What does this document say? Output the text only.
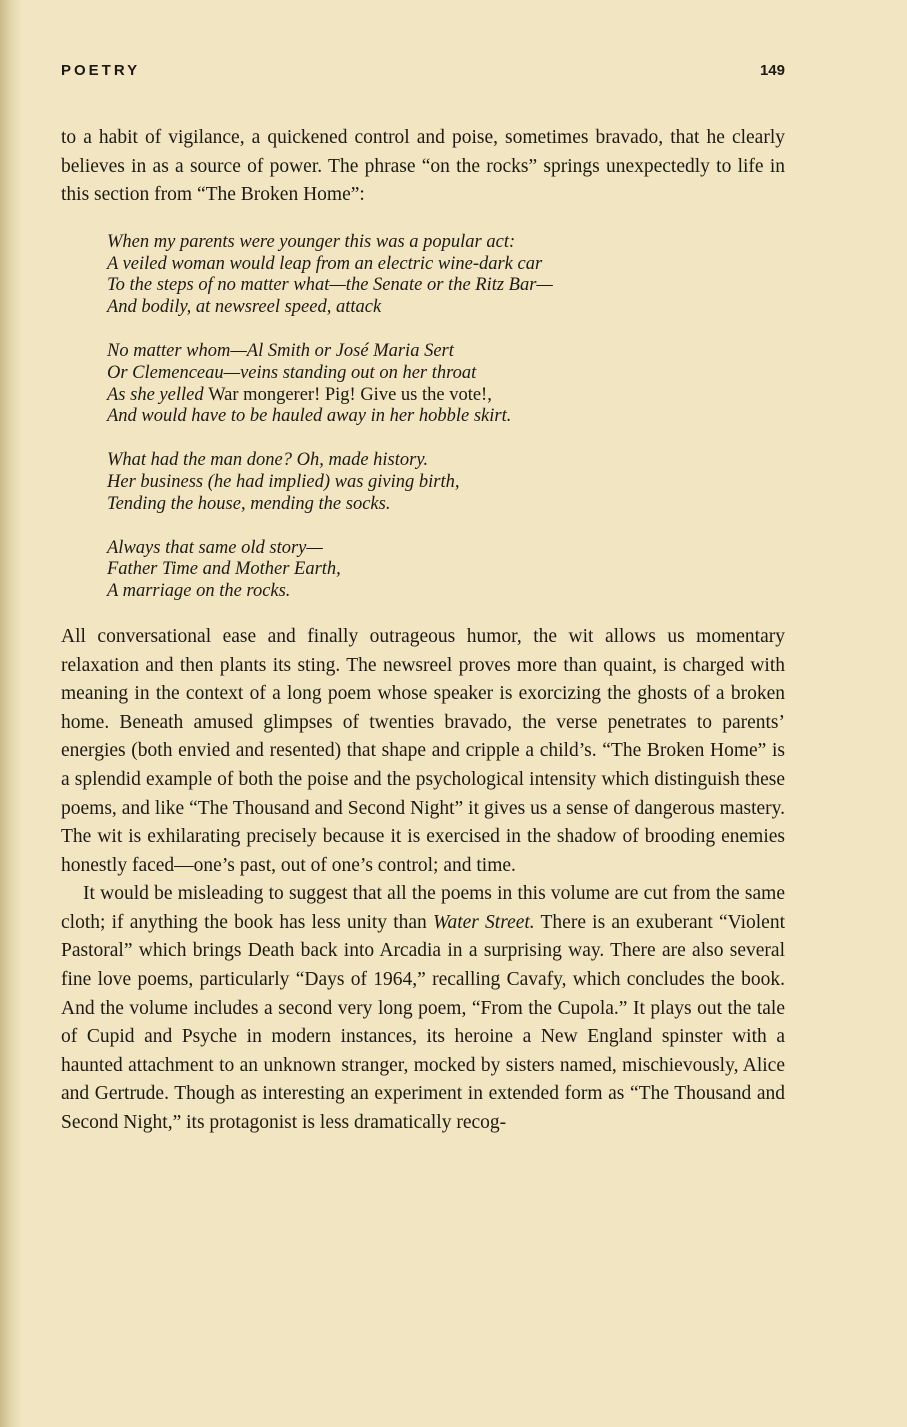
POETRY	149

to a habit of vigilance, a quickened control and poise, sometimes bravado, that he clearly believes in as a source of power. The phrase “on the rocks” springs unexpectedly to life in this section from “The Broken Home”:

When my parents were younger this was a popular act:
A veiled woman would leap from an electric wine-dark car
To the steps of no matter what—the Senate or the Ritz Bar—
And bodily, at newsreel speed, attack
No matter whom—Al Smith or José Maria Sert
Or Clemenceau—veins standing out on her throat
As she yelled War mongerer! Pig! Give us the vote!,
And would have to be hauled away in her hobble skirt.
What had the man done? Oh, made history.
Her business (he had implied) was giving birth,
Tending the house, mending the socks.
Always that same old story—
Father Time and Mother Earth,
A marriage on the rocks.

All conversational ease and finally outrageous humor, the wit allows us momentary relaxation and then plants its sting. The newsreel proves more than quaint, is charged with meaning in the context of a long poem whose speaker is exorcizing the ghosts of a broken home. Beneath amused glimpses of twenties bravado, the verse penetrates to parents’ energies (both envied and resented) that shape and cripple a child’s. “The Broken Home” is a splendid example of both the poise and the psychological intensity which distinguish these poems, and like “The Thousand and Second Night” it gives us a sense of dangerous mastery. The wit is exhilarating precisely because it is exercised in the shadow of brooding enemies honestly faced—one’s past, out of one’s control; and time.

It would be misleading to suggest that all the poems in this volume are cut from the same cloth; if anything the book has less unity than Water Street. There is an exuberant “Violent Pastoral” which brings Death back into Arcadia in a surprising way. There are also several fine love poems, particularly “Days of 1964,” recalling Cavafy, which concludes the book. And the volume includes a second very long poem, “From the Cupola.” It plays out the tale of Cupid and Psyche in modern instances, its heroine a New England spinster with a haunted attachment to an unknown stranger, mocked by sisters named, mischievously, Alice and Gertrude. Though as interesting an experiment in extended form as “The Thousand and Second Night,” its protagonist is less dramatically recog-
